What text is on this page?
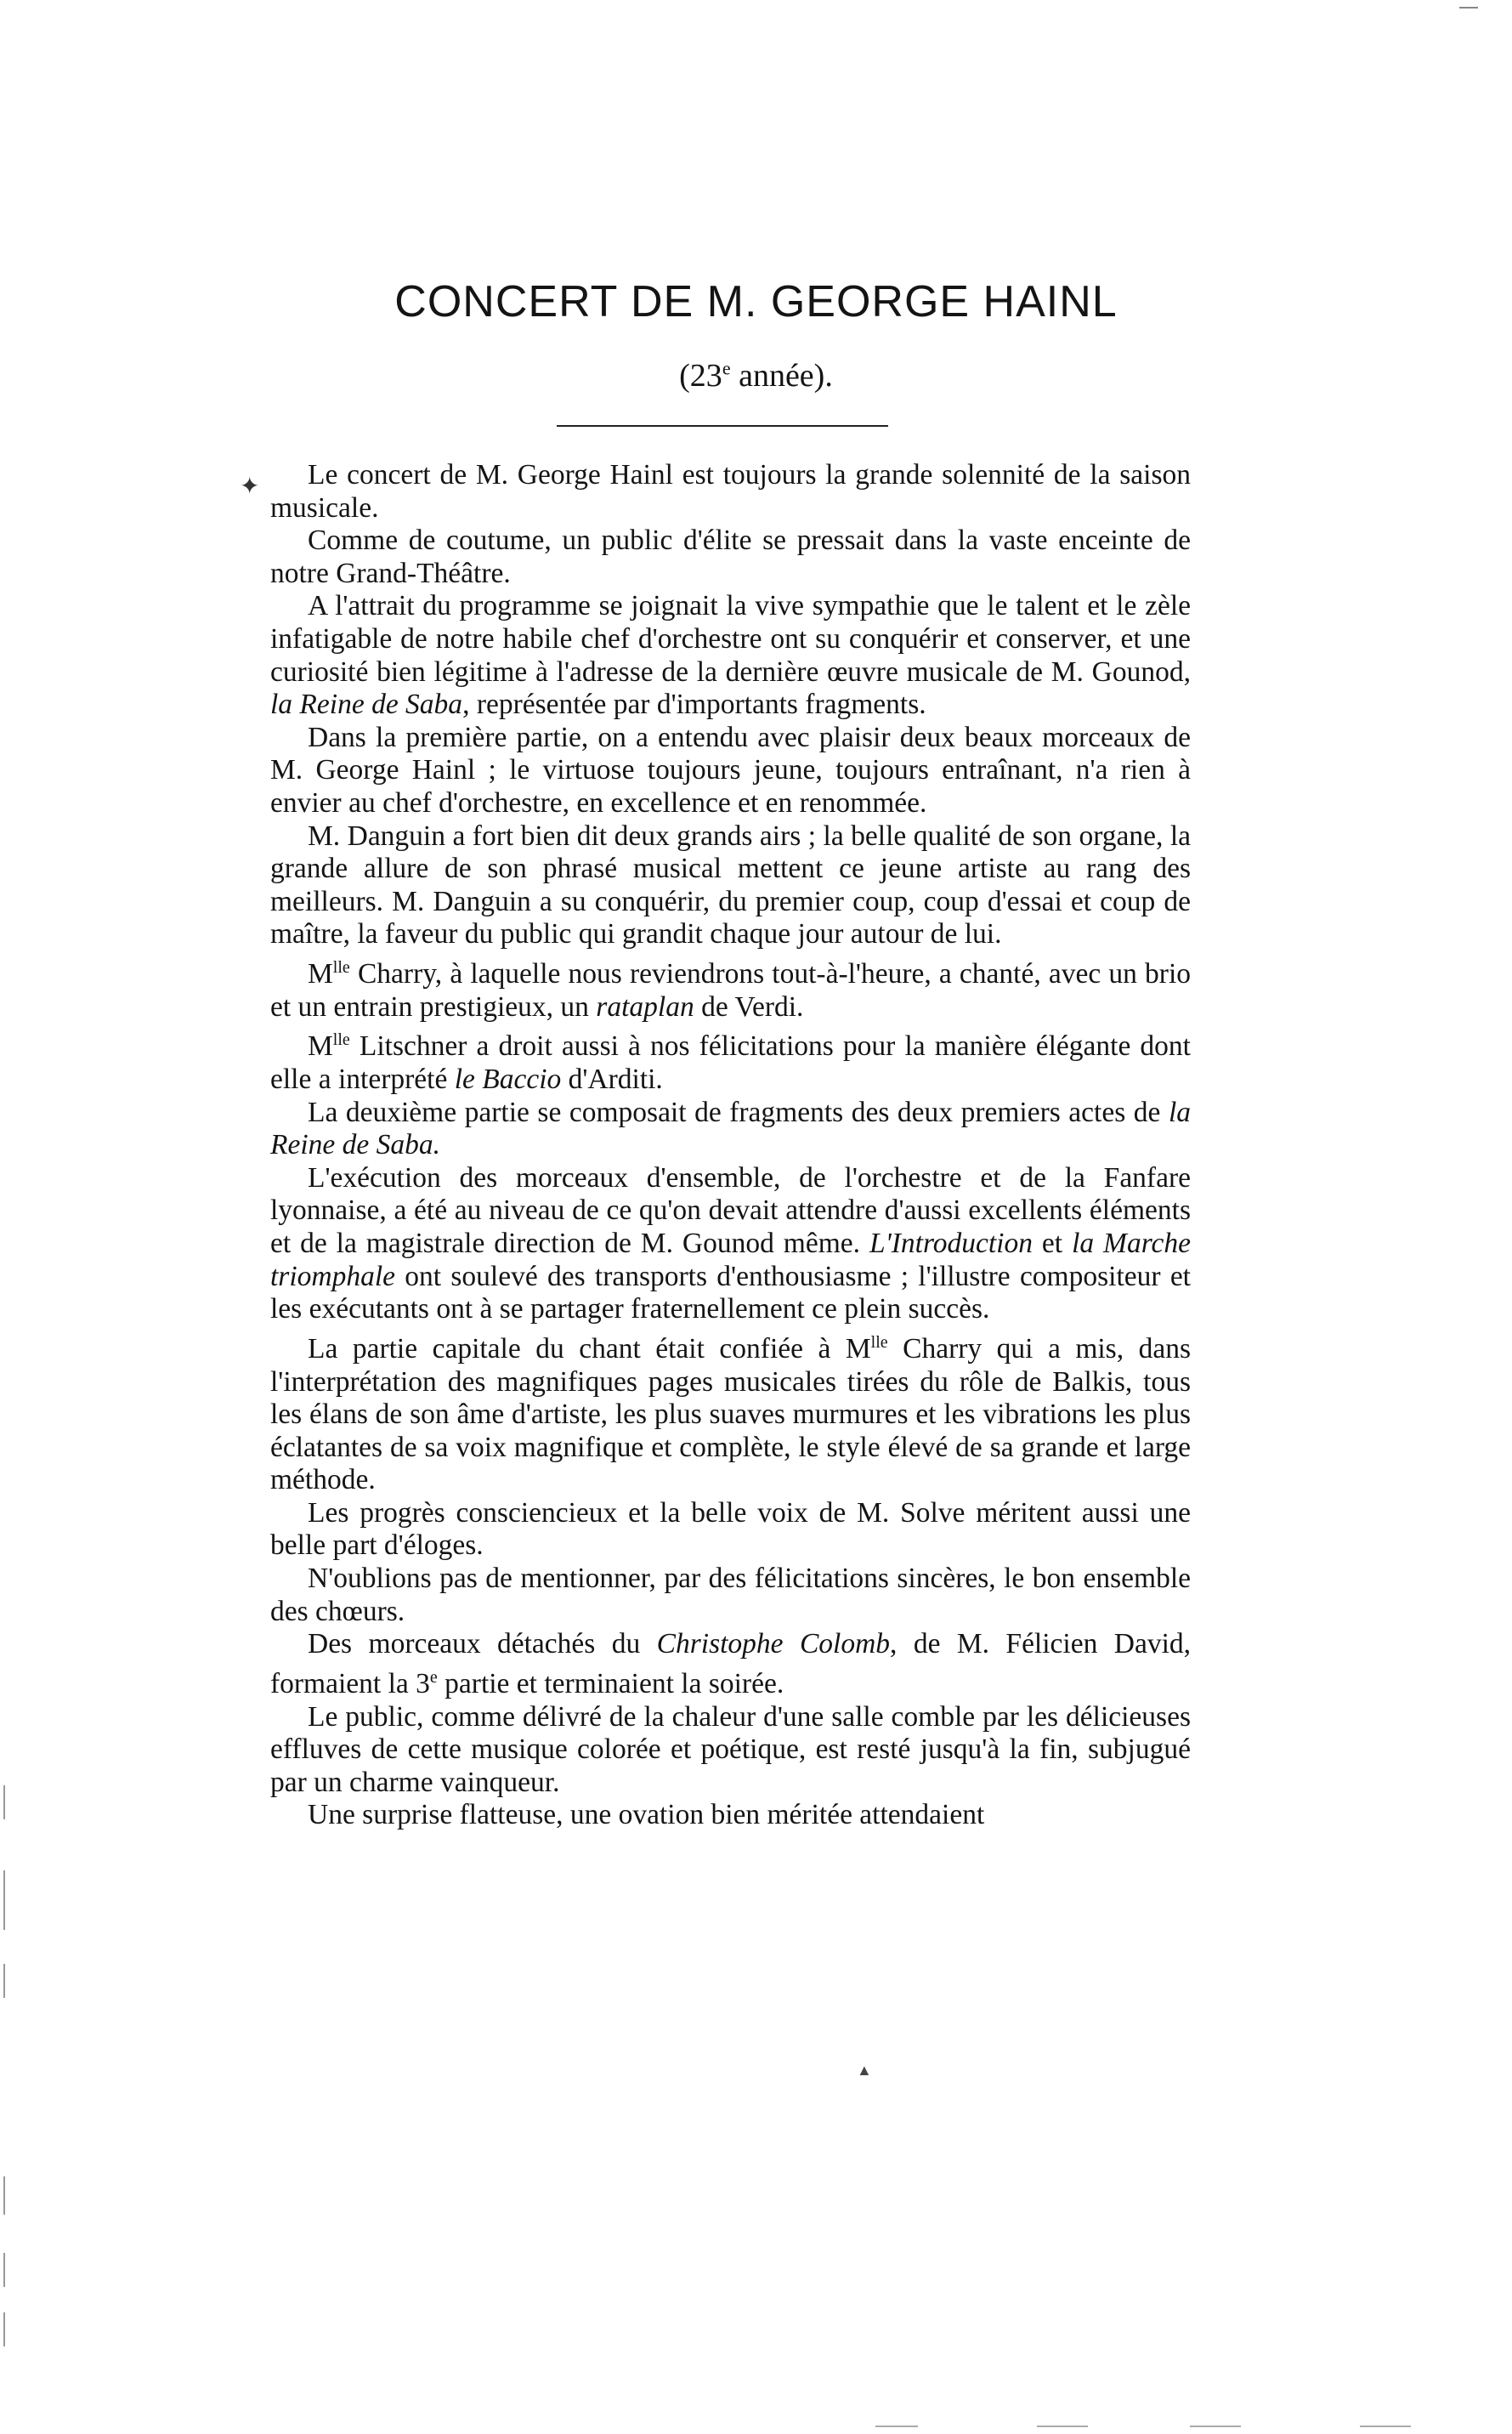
CONCERT DE M. GEORGE HAINL
(23e année).
✦	Le concert de M. George Hainl est toujours la grande solennité de la saison musicale.

Comme de coutume, un public d'élite se pressait dans la vaste enceinte de notre Grand-Théâtre.

A l'attrait du programme se joignait la vive sympathie que le talent et le zèle infatigable de notre habile chef d'orchestre ont su conquérir et conserver, et une curiosité bien légitime à l'adresse de la dernière œuvre musicale de M. Gounod, la Reine de Saba, représentée par d'importants fragments.

Dans la première partie, on a entendu avec plaisir deux beaux morceaux de M. George Hainl ; le virtuose toujours jeune, toujours entraînant, n'a rien à envier au chef d'orchestre, en excellence et en renommée.

M. Danguin a fort bien dit deux grands airs ; la belle qualité de son organe, la grande allure de son phrasé musical mettent ce jeune artiste au rang des meilleurs. M. Danguin a su conquérir, du premier coup, coup d'essai et coup de maître, la faveur du public qui grandit chaque jour autour de lui.

$M^{lle}$ Charry, à laquelle nous reviendrons tout-à-l'heure, a chanté, avec un brio et un entrain prestigieux, un rataplan de Verdi.

$M^{lle}$ Litschner a droit aussi à nos félicitations pour la manière élégante dont elle a interprété le Baccio d'Arditi.

La deuxième partie se composait de fragments des deux premiers actes de la Reine de Saba.

L'exécution des morceaux d'ensemble, de l'orchestre et de la Fanfare lyonnaise, a été au niveau de ce qu'on devait attendre d'aussi excellents éléments et de la magistrale direction de M. Gounod même. L'Introduction et la Marche triomphale ont soulevé des transports d'enthousiasme ; l'illustre compositeur et les exécutants ont à se partager fraternellement ce plein succès.

La partie capitale du chant était confiée à $M^{lle}$ Charry qui a mis, dans l'interprétation des magnifiques pages musicales tirées du rôle de Balkis, tous les élans de son âme d'artiste, les plus suaves murmures et les vibrations les plus éclatantes de sa voix magnifique et complète, le style élevé de sa grande et large méthode.

Les progrès consciencieux et la belle voix de M. Solve méritent aussi une belle part d'éloges.

N'oublions pas de mentionner, par des félicitations sincères, le bon ensemble des chœurs.

Des morceaux détachés du Christophe Colomb, de M. Félicien David, formaient la 3e partie et terminaient la soirée.

Le public, comme délivré de la chaleur d'une salle comble par les délicieuses effluves de cette musique colorée et poétique, est resté jusqu'à la fin, subjugué par un charme vainqueur.

Une surprise flatteuse, une ovation bien méritée attendaient

▲
